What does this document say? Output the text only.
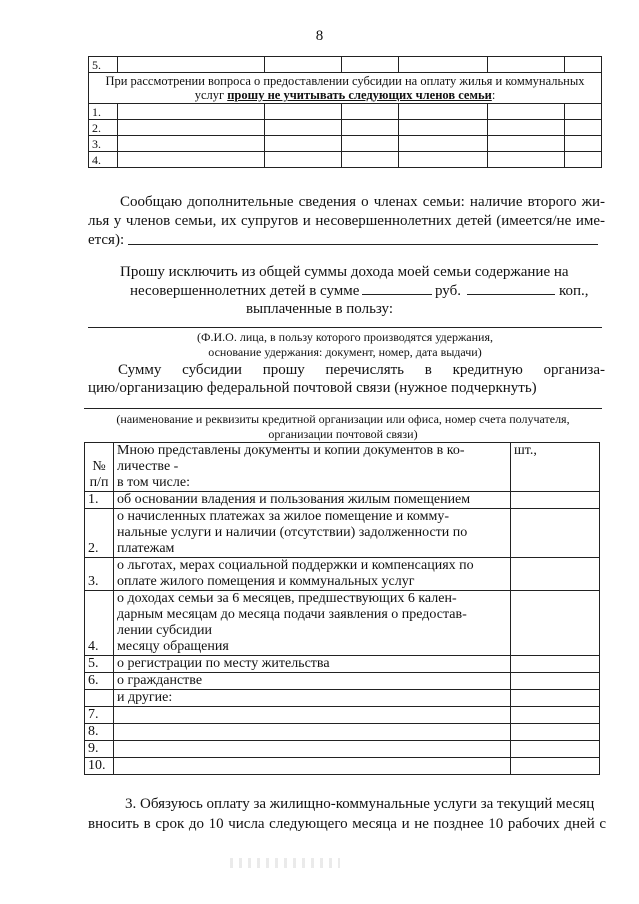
8
5.						
При рассмотрении вопроса о предоставлении субсидии на оплату жилья и коммунальных услуг прошу не учитывать следующих членов семьи:						
1.						
2.						
3.						
4.						
Сообщаю дополнительные сведения о членах семьи: наличие второго жи-
лья у членов семьи, их супругов и несовершеннолетних детей (имеется/не име-
ется):
Прошу исключить из общей суммы дохода моей семьи содержание на
несовершеннолетних детей в сумме	руб.	коп.,
выплаченные в пользу:
(Ф.И.О. лица, в пользу которого производятся удержания,
основание удержания: документ, номер, дата выдачи)
Сумму субсидии прошу перечислять в кредитную организа-
цию/организацию федеральной почтовой связи (нужное подчеркнуть)
(наименование и реквизиты кредитной организации или офиса, номер счета получателя,
организации почтовой связи)
№
п/п	Мною представлены документы и копии документов в ко-
личестве -
в том числе:	шт.,
1.	об основании владения и пользования жилым помещением	
2.	о начисленных платежах за жилое помещение и комму-
нальные услуги и наличии (отсутствии) задолженности по
платежам	
3.	о льготах, мерах социальной поддержки и компенсациях по
оплате жилого помещения и коммунальных услуг	
4.	о доходах семьи за 6 месяцев, предшествующих 6 кален-
дарным месяцам до месяца подачи заявления о предостав-
лении субсидии
месяцу обращения	
5.	о регистрации по месту жительства	
6.	о гражданстве	
	и другие:	
7.		
8.		
9.		
10.		
3. Обязуюсь оплату за жилищно-коммунальные услуги за текущий месяц
вносить в срок до 10 числа следующего месяца и не позднее 10 рабочих дней с
